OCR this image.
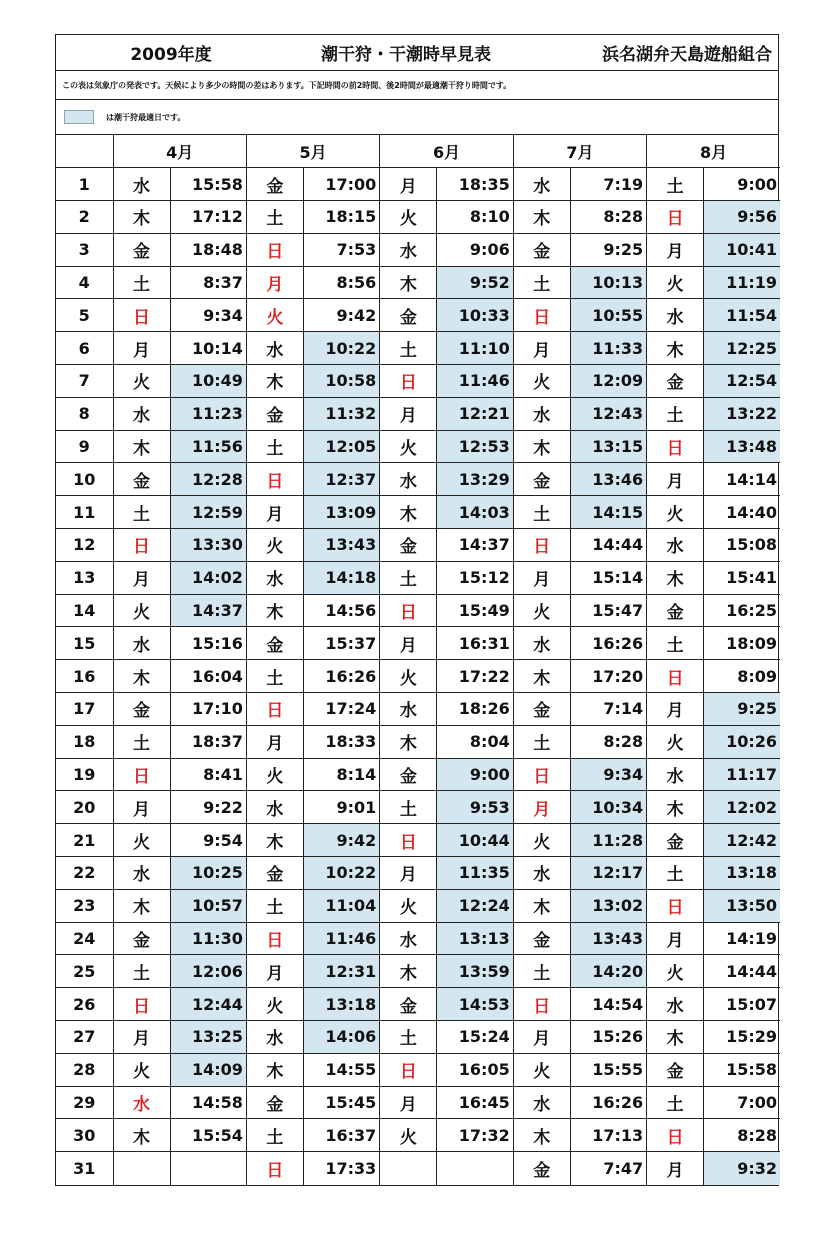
2009年度	潮干狩・干潮時早見表	浜名湖弁天島遊船組合
この表は気象庁の発表です。天候により多少の時間の差はあります。下記時間の前2時間、後2時間が最適潮干狩り時間です。
は潮干狩最適日です。
	4月		5月		6月		7月		8月	
1	水	15:58	金	17:00	月	18:35	水	7:19	土	9:00
2	木	17:12	土	18:15	火	8:10	木	8:28	日	9:56
3	金	18:48	日	7:53	水	9:06	金	9:25	月	10:41
4	土	8:37	月	8:56	木	9:52	土	10:13	火	11:19
5	日	9:34	火	9:42	金	10:33	日	10:55	水	11:54
6	月	10:14	水	10:22	土	11:10	月	11:33	木	12:25
7	火	10:49	木	10:58	日	11:46	火	12:09	金	12:54
8	水	11:23	金	11:32	月	12:21	水	12:43	土	13:22
9	木	11:56	土	12:05	火	12:53	木	13:15	日	13:48
10	金	12:28	日	12:37	水	13:29	金	13:46	月	14:14
11	土	12:59	月	13:09	木	14:03	土	14:15	火	14:40
12	日	13:30	火	13:43	金	14:37	日	14:44	水	15:08
13	月	14:02	水	14:18	土	15:12	月	15:14	木	15:41
14	火	14:37	木	14:56	日	15:49	火	15:47	金	16:25
15	水	15:16	金	15:37	月	16:31	水	16:26	土	18:09
16	木	16:04	土	16:26	火	17:22	木	17:20	日	8:09
17	金	17:10	日	17:24	水	18:26	金	7:14	月	9:25
18	土	18:37	月	18:33	木	8:04	土	8:28	火	10:26
19	日	8:41	火	8:14	金	9:00	日	9:34	水	11:17
20	月	9:22	水	9:01	土	9:53	月	10:34	木	12:02
21	火	9:54	木	9:42	日	10:44	火	11:28	金	12:42
22	水	10:25	金	10:22	月	11:35	水	12:17	土	13:18
23	木	10:57	土	11:04	火	12:24	木	13:02	日	13:50
24	金	11:30	日	11:46	水	13:13	金	13:43	月	14:19
25	土	12:06	月	12:31	木	13:59	土	14:20	火	14:44
26	日	12:44	火	13:18	金	14:53	日	14:54	水	15:07
27	月	13:25	水	14:06	土	15:24	月	15:26	木	15:29
28	火	14:09	木	14:55	日	16:05	火	15:55	金	15:58
29	水	14:58	金	15:45	月	16:45	水	16:26	土	7:00
30	木	15:54	土	16:37	火	17:32	木	17:13	日	8:28
31			日	17:33			金	7:47	月	9:32
